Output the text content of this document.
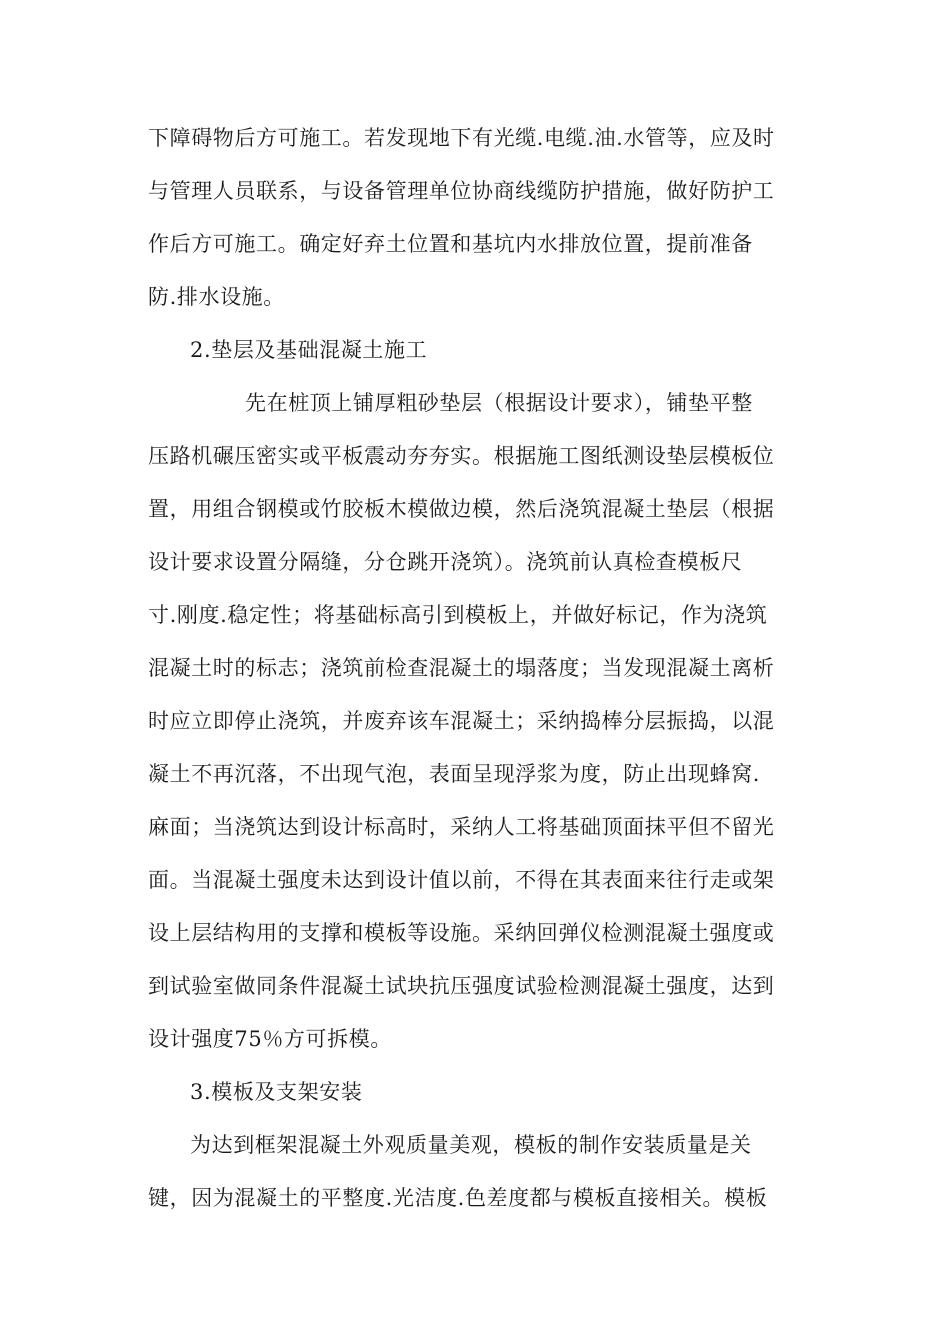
下障碍物后方可施工。若发现地下有光缆.电缆.油.水管等，应及时
与管理人员联系，与设备管理单位协商线缆防护措施，做好防护工
作后方可施工。确定好弃土位置和基坑内水排放位置，提前准备
防.排水设施。
2.垫层及基础混凝土施工
先在桩顶上铺厚粗砂垫层（根据设计要求），铺垫平整
压路机碾压密实或平板震动夯夯实。根据施工图纸测设垫层模板位
置，用组合钢模或竹胶板木模做边模，然后浇筑混凝土垫层（根据
设计要求设置分隔缝，分仓跳开浇筑）。浇筑前认真检查模板尺
寸.刚度.稳定性；将基础标高引到模板上，并做好标记，作为浇筑
混凝土时的标志；浇筑前检查混凝土的塌落度；当发现混凝土离析
时应立即停止浇筑，并废弃该车混凝土；采纳捣棒分层振捣，以混
凝土不再沉落，不出现气泡，表面呈现浮浆为度，防止出现蜂窝.
麻面；当浇筑达到设计标高时，采纳人工将基础顶面抹平但不留光
面。当混凝土强度未达到设计值以前，不得在其表面来往行走或架
设上层结构用的支撑和模板等设施。采纳回弹仪检测混凝土强度或
到试验室做同条件混凝土试块抗压强度试验检测混凝土强度，达到
设计强度75％方可拆模。
3.模板及支架安装
为达到框架混凝土外观质量美观，模板的制作安装质量是关
键，因为混凝土的平整度.光洁度.色差度都与模板直接相关。模板
